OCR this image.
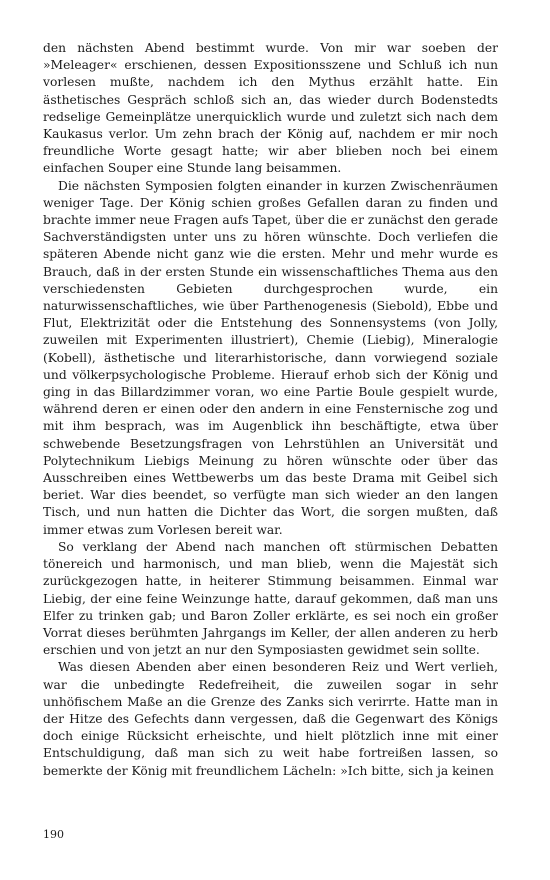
den nächsten Abend bestimmt wurde. Von mir war soeben der »Meleager« erschienen, dessen Expositionsszene und Schluß ich nun vorlesen mußte, nachdem ich den Mythus erzählt hatte. Ein ästhetisches Gespräch schloß sich an, das wieder durch Bodenstedts redselige Gemeinplätze unerquicklich wurde und zuletzt sich nach dem Kaukasus verlor. Um zehn brach der König auf, nachdem er mir noch freundliche Worte gesagt hatte; wir aber blieben noch bei einem einfachen Souper eine Stunde lang beisammen.

Die nächsten Symposien folgten einander in kurzen Zwischenräumen weniger Tage. Der König schien großes Gefallen daran zu finden und brachte immer neue Fragen aufs Tapet, über die er zunächst den gerade Sachverständigsten unter uns zu hören wünschte. Doch verliefen die späteren Abende nicht ganz wie die ersten. Mehr und mehr wurde es Brauch, daß in der ersten Stunde ein wissenschaftliches Thema aus den verschiedensten Gebieten durchgesprochen wurde, ein naturwissenschaftliches, wie über Parthenogenesis (Siebold), Ebbe und Flut, Elektrizität oder die Entstehung des Sonnensystems (von Jolly, zuweilen mit Experimenten illustriert), Chemie (Liebig), Mineralogie (Kobell), ästhetische und literarhistorische, dann vorwiegend soziale und völkerpsychologische Probleme. Hierauf erhob sich der König und ging in das Billardzimmer voran, wo eine Partie Boule gespielt wurde, während deren er einen oder den andern in eine Fensternische zog und mit ihm besprach, was im Augenblick ihn beschäftigte, etwa über schwebende Besetzungsfragen von Lehrstühlen an Universität und Polytechnikum Liebigs Meinung zu hören wünschte oder über das Ausschreiben eines Wettbewerbs um das beste Drama mit Geibel sich beriet. War dies beendet, so verfügte man sich wieder an den langen Tisch, und nun hatten die Dichter das Wort, die sorgen mußten, daß immer etwas zum Vorlesen bereit war.

So verklang der Abend nach manchen oft stürmischen Debatten tönereich und harmonisch, und man blieb, wenn die Majestät sich zurückgezogen hatte, in heiterer Stimmung beisammen. Einmal war Liebig, der eine feine Weinzunge hatte, darauf gekommen, daß man uns Elfer zu trinken gab; und Baron Zoller erklärte, es sei noch ein großer Vorrat dieses berühmten Jahrgangs im Keller, der allen anderen zu herb erschien und von jetzt an nur den Symposiasten gewidmet sein sollte.

Was diesen Abenden aber einen besonderen Reiz und Wert verlieh, war die unbedingte Redefreiheit, die zuweilen sogar in sehr unhöfischem Maße an die Grenze des Zanks sich verirrte. Hatte man in der Hitze des Gefechts dann vergessen, daß die Gegenwart des Königs doch einige Rücksicht erheischte, und hielt plötzlich inne mit einer Entschuldigung, daß man sich zu weit habe fortreißen lassen, so bemerkte der König mit freundlichem Lächeln: »Ich bitte, sich ja keinen

190
